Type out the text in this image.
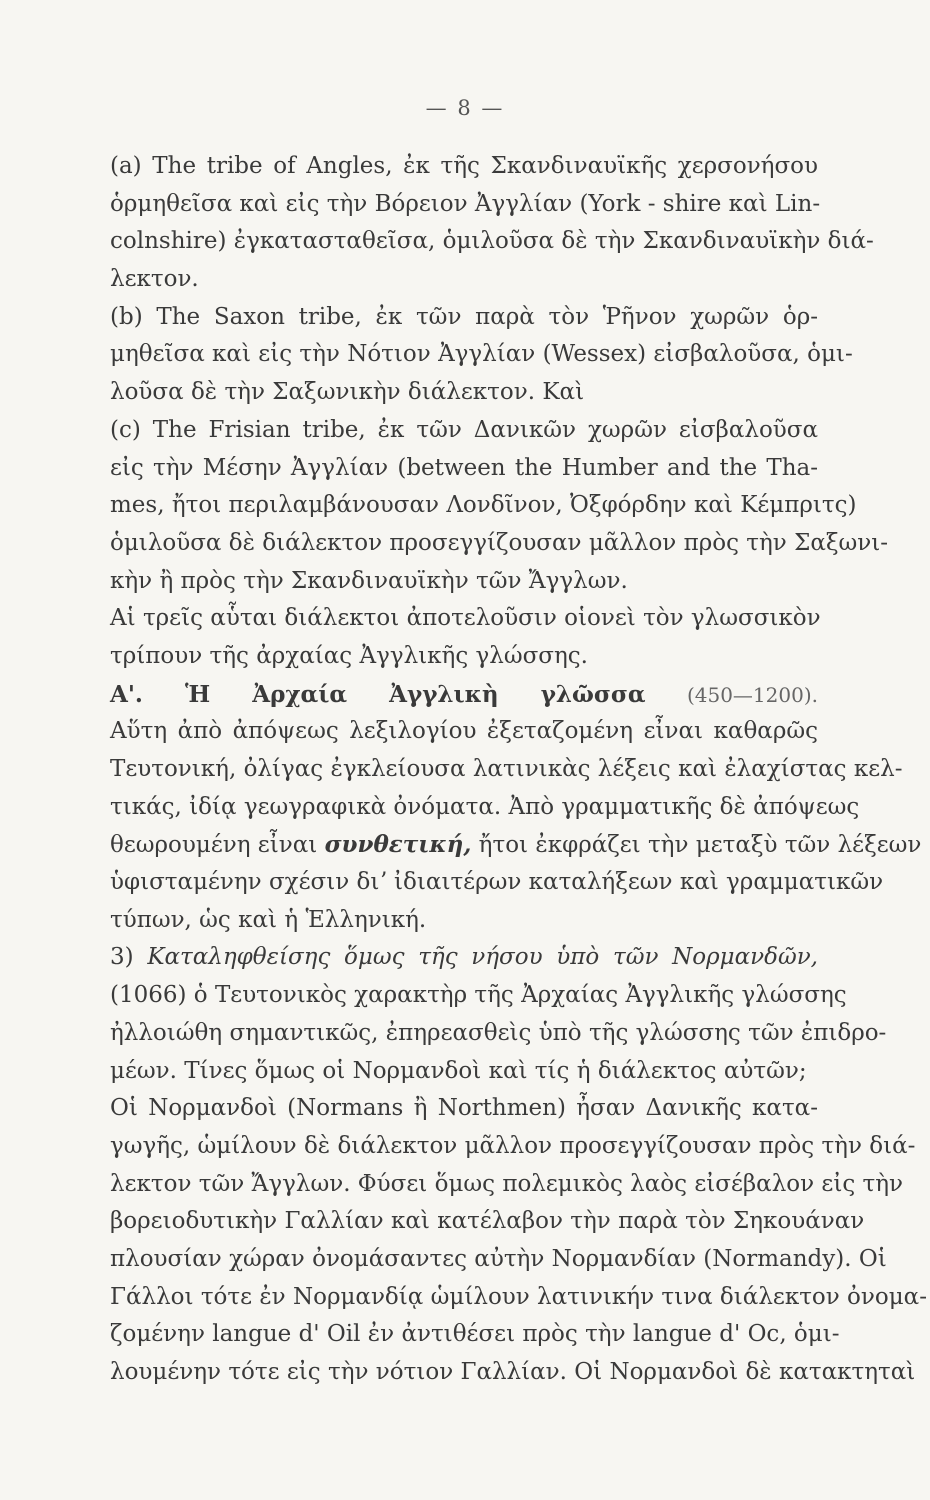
— 8 —
(a) The tribe of Angles, ἐκ τῆς Σκανδιναυϊκῆς χερσονήσου
ὁρμηθεῖσα καὶ εἰς τὴν Βόρειον Ἀγγλίαν (York - shire καὶ Lin-
colnshire) ἐγκατασταθεῖσα, ὁμιλοῦσα δὲ τὴν Σκανδιναυϊκὴν διά-
λεκτον.
(b) The Saxon tribe, ἐκ τῶν παρὰ τὸν Ῥῆνον χωρῶν ὁρ-
μηθεῖσα καὶ εἰς τὴν Νότιον Ἀγγλίαν (Wessex) εἰσβαλοῦσα, ὁμι-
λοῦσα δὲ τὴν Σαξωνικὴν διάλεκτον. Καὶ
(c) The Frisian tribe, ἐκ τῶν Δανικῶν χωρῶν εἰσβαλοῦσα
εἰς τὴν Μέσην Ἀγγλίαν (between the Humber and the Tha-
mes, ἤτοι περιλαμβάνουσαν Λονδῖνον, Ὀξφόρδην καὶ Κέμπριτς)
ὁμιλοῦσα δὲ διάλεκτον προσεγγίζουσαν μᾶλλον πρὸς τὴν Σαξωνι-
κὴν ἢ πρὸς τὴν Σκανδιναυϊκὴν τῶν Ἄγγλων.
Αἱ τρεῖς αὗται διάλεκτοι ἀποτελοῦσιν οἱονεὶ τὸν γλωσσικὸν
τρίπουν τῆς ἀρχαίας Ἀγγλικῆς γλώσσης.
Α'. Ἡ Ἀρχαία Ἀγγλικὴ γλῶσσα (450—1200).
Αὕτη ἀπὸ ἀπόψεως λεξιλογίου ἐξεταζομένη εἶναι καθαρῶς
Τευτονική, ὀλίγας ἐγκλείουσα λατινικὰς λέξεις καὶ ἐλαχίστας κελ-
τικάς, ἰδίᾳ γεωγραφικὰ ὀνόματα. Ἀπὸ γραμματικῆς δὲ ἀπόψεως
θεωρουμένη εἶναι συνθετική, ἤτοι ἐκφράζει τὴν μεταξὺ τῶν λέξεων
ὑφισταμένην σχέσιν διʼ ἰδιαιτέρων καταλήξεων καὶ γραμματικῶν
τύπων, ὡς καὶ ἡ Ἑλληνική.
3) Καταληφθείσης ὅμως τῆς νήσου ὑπὸ τῶν Νορμανδῶν,
(1066) ὁ Τευτονικὸς χαρακτὴρ τῆς Ἀρχαίας Ἀγγλικῆς γλώσσης
ἠλλοιώθη σημαντικῶς, ἐπηρεασθεὶς ὑπὸ τῆς γλώσσης τῶν ἐπιδρο-
μέων. Τίνες ὅμως οἱ Νορμανδοὶ καὶ τίς ἡ διάλεκτος αὐτῶν;
Οἱ Νορμανδοὶ (Normans ἢ Northmen) ἦσαν Δανικῆς κατα-
γωγῆς, ὡμίλουν δὲ διάλεκτον μᾶλλον προσεγγίζουσαν πρὸς τὴν διά-
λεκτον τῶν Ἄγγλων. Φύσει ὅμως πολεμικὸς λαὸς εἰσέβαλον εἰς τὴν
βορειοδυτικὴν Γαλλίαν καὶ κατέλαβον τὴν παρὰ τὸν Σηκουάναν
πλουσίαν χώραν ὀνομάσαντες αὐτὴν Νορμανδίαν (Normandy). Οἱ
Γάλλοι τότε ἐν Νορμανδίᾳ ὡμίλουν λατινικήν τινα διάλεκτον ὀνομα-
ζομένην langue d' Oil ἐν ἀντιθέσει πρὸς τὴν langue d' Oc, ὁμι-
λουμένην τότε εἰς τὴν νότιον Γαλλίαν. Οἱ Νορμανδοὶ δὲ κατακτηταὶ
